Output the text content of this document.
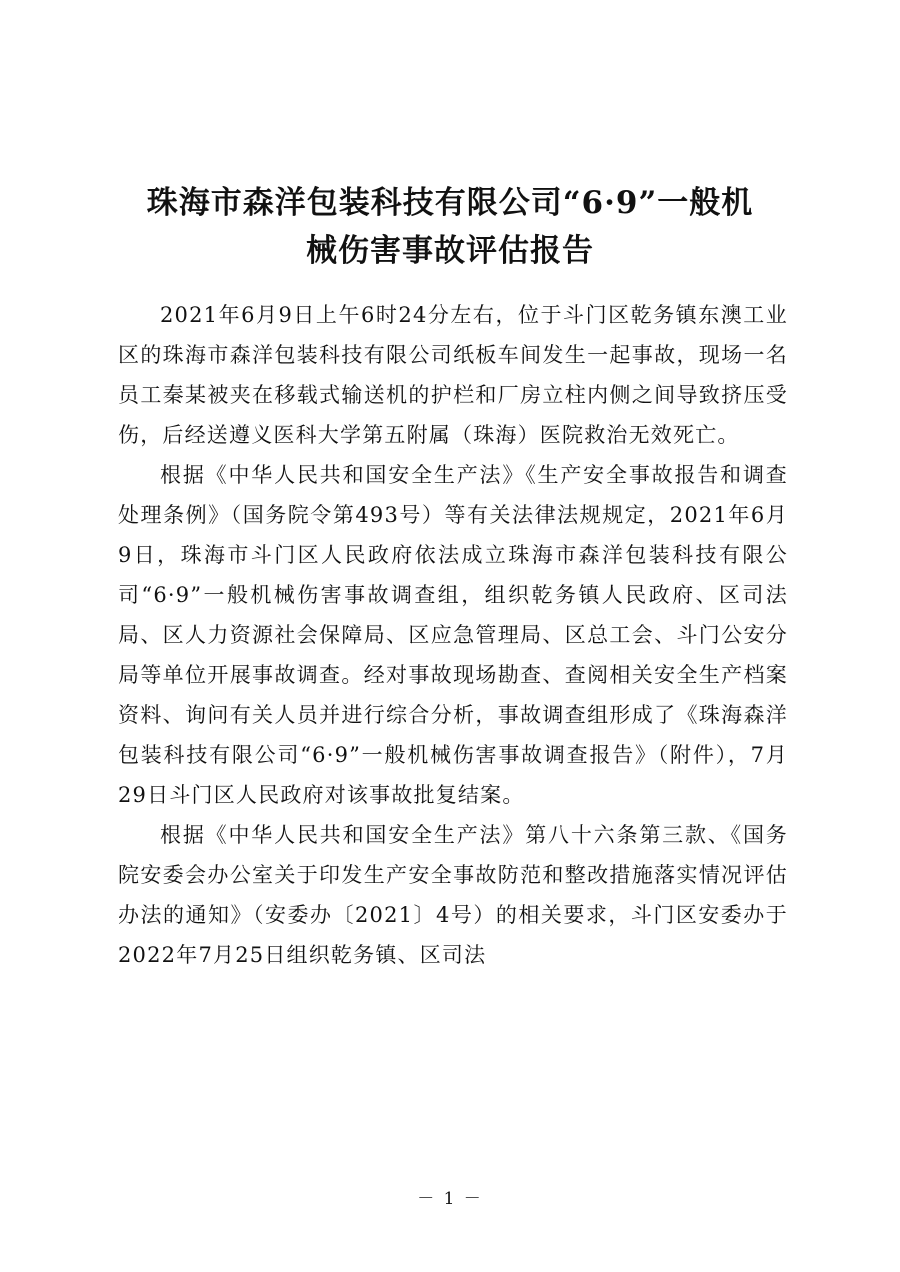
珠海市森洋包装科技有限公司“6·9”一般机
械伤害事故评估报告

2021年6月9日上午6时24分左右，位于斗门区乾务镇东澳工业区的珠海市森洋包装科技有限公司纸板车间发生一起事故，现场一名员工秦某被夹在移载式输送机的护栏和厂房立柱内侧之间导致挤压受伤，后经送遵义医科大学第五附属（珠海）医院救治无效死亡。

根据《中华人民共和国安全生产法》《生产安全事故报告和调查处理条例》（国务院令第493号）等有关法律法规规定，2021年6月9日，珠海市斗门区人民政府依法成立珠海市森洋包装科技有限公司“6·9”一般机械伤害事故调查组，组织乾务镇人民政府、区司法局、区人力资源社会保障局、区应急管理局、区总工会、斗门公安分局等单位开展事故调查。经对事故现场勘查、查阅相关安全生产档案资料、询问有关人员并进行综合分析，事故调查组形成了《珠海森洋包装科技有限公司“6·9”一般机械伤害事故调查报告》（附件），7月29日斗门区人民政府对该事故批复结案。

根据《中华人民共和国安全生产法》第八十六条第三款、《国务院安委会办公室关于印发生产安全事故防范和整改措施落实情况评估办法的通知》（安委办〔2021〕4号）的相关要求，斗门区安委办于2022年7月25日组织乾务镇、区司法

－ 1 －
